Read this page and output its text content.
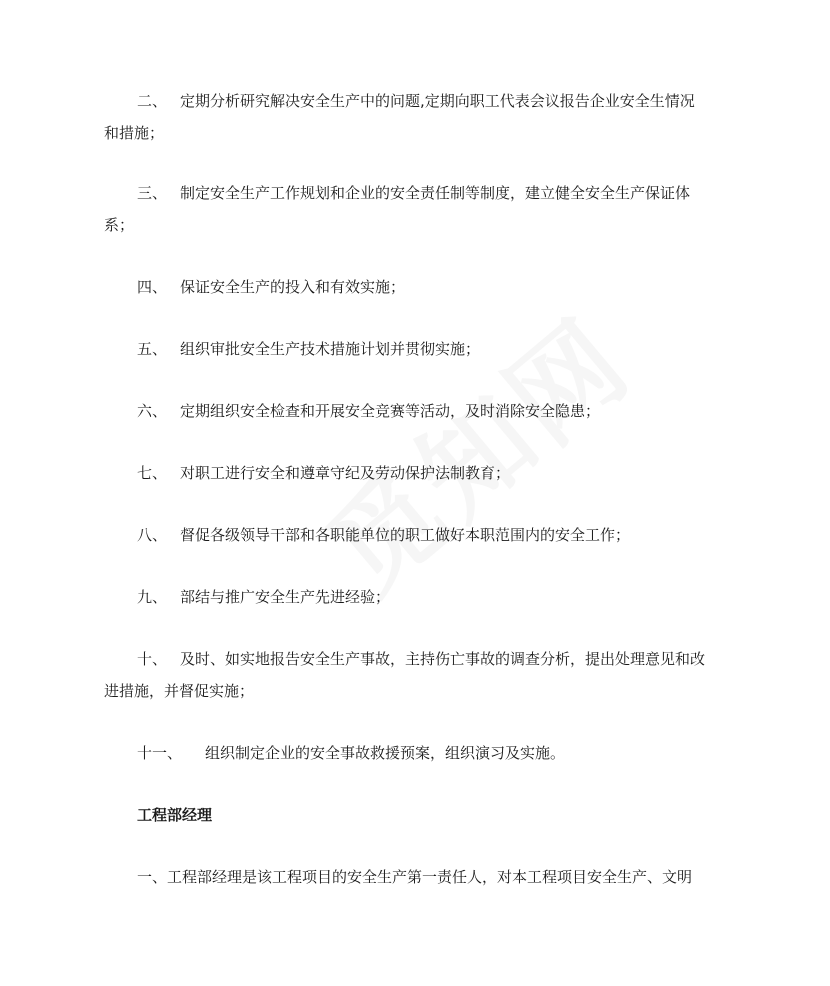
二、 定期分析研究解决安全生产中的问题,定期向职工代表会议报告企业安全生情况
和措施；
三、 制定安全生产工作规划和企业的安全责任制等制度，建立健全安全生产保证体
系；
四、 保证安全生产的投入和有效实施；
五、 组织审批安全生产技术措施计划并贯彻实施；
六、 定期组织安全检查和开展安全竞赛等活动，及时消除安全隐患；
七、 对职工进行安全和遵章守纪及劳动保护法制教育；
八、 督促各级领导干部和各职能单位的职工做好本职范围内的安全工作；
九、 部结与推广安全生产先进经验；
十、 及时、如实地报告安全生产事故，主持伤亡事故的调查分析，提出处理意见和改
进措施，并督促实施；
十一、 组织制定企业的安全事故救援预案，组织演习及实施。
工程部经理
一、工程部经理是该工程项目的安全生产第一责任人，对本工程项目安全生产、文明
